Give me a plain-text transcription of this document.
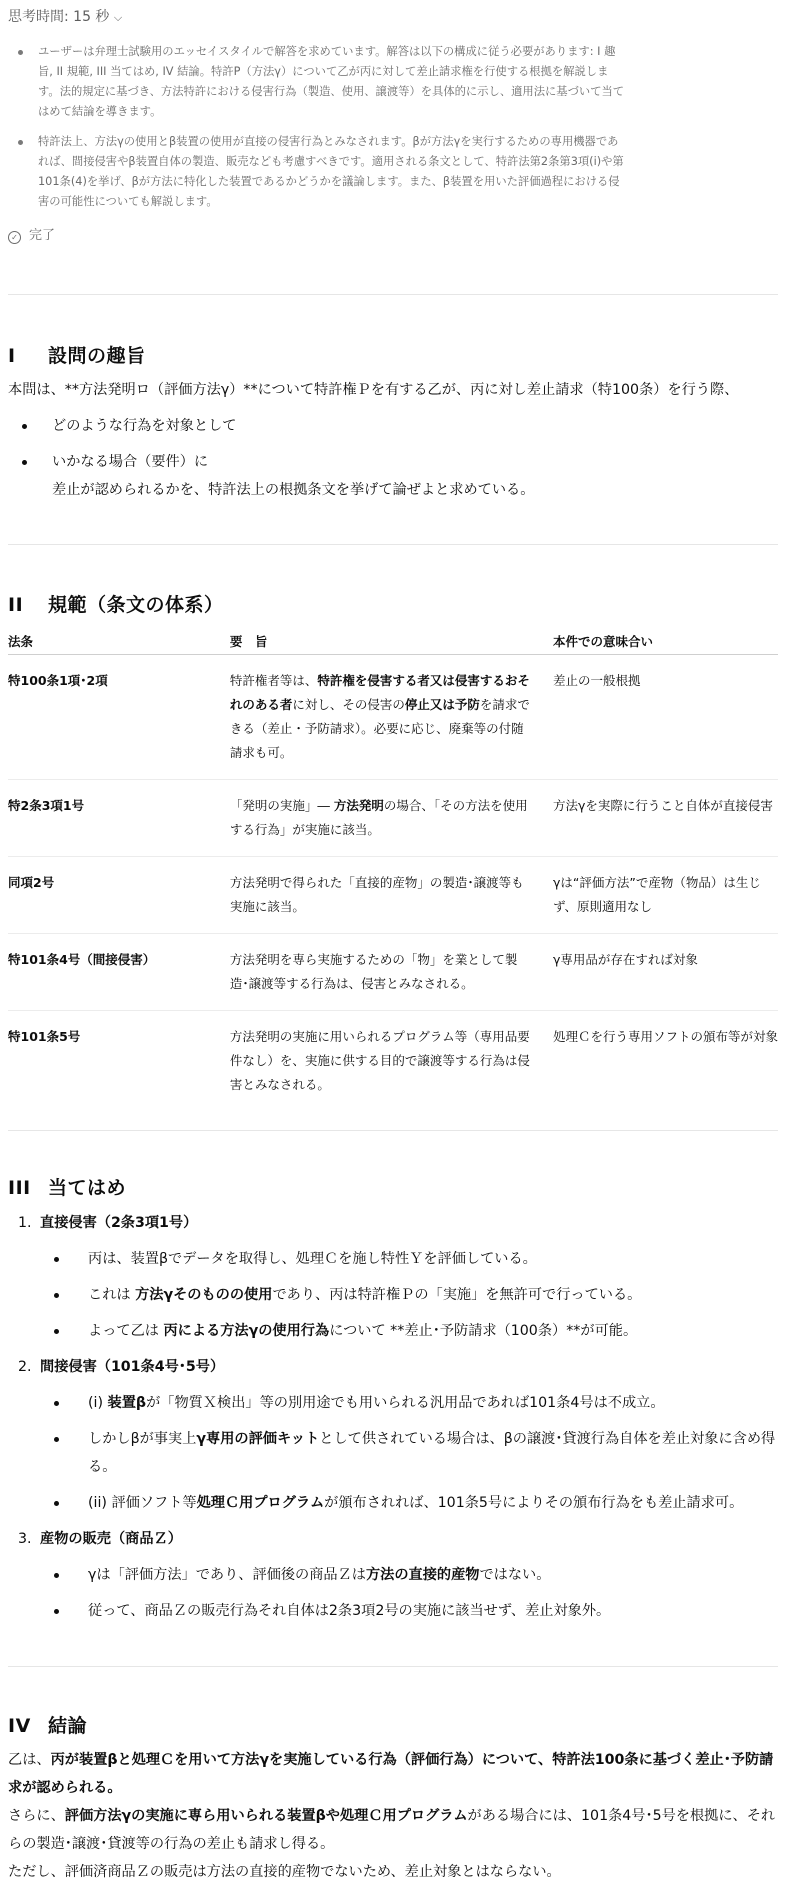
思考時間: 15 秒 ⌵
ユーザーは弁理士試験用のエッセイスタイルで解答を求めています。解答は以下の構成に従う必要があります: I 趣旨, II 規範, III 当てはめ, IV 結論。特許P（方法γ）について乙が丙に対して差止請求権を行使する根拠を解説します。法的規定に基づき、方法特許における侵害行為（製造、使用、譲渡等）を具体的に示し、適用法に基づいて当てはめて結論を導きます。
特許法上、方法γの使用とβ装置の使用が直接の侵害行為とみなされます。βが方法γを実行するための専用機器であれば、間接侵害やβ装置自体の製造、販売なども考慮すべきです。適用される条文として、特許法第2条第3項(i)や第101条(4)を挙げ、βが方法に特化した装置であるかどうかを議論します。また、β装置を用いた評価過程における侵害の可能性についても解説します。
✓ 完了
I 設問の趣旨
本問は、**方法発明ロ（評価方法γ）**について特許権Ｐを有する乙が、丙に対し差止請求（特100条）を行う際、
どのような行為を対象として
いかなる場合（要件）に
差止が認められるかを、特許法上の根拠条文を挙げて論ぜよと求めている。
II 規範（条文の体系）
法条	要　旨	本件での意味合い
特100条1項･2項	特許権者等は、特許権を侵害する者又は侵害するおそれのある者に対し、その侵害の停止又は予防を請求できる（差止・予防請求）。必要に応じ、廃棄等の付随請求も可。	差止の一般根拠
特2条3項1号	「発明の実施」― 方法発明の場合、「その方法を使用する行為」が実施に該当。	方法γを実際に行うこと自体が直接侵害
同項2号	方法発明で得られた「直接的産物」の製造･譲渡等も実施に該当。	γは“評価方法”で産物（物品）は生じず、原則適用なし
特101条4号（間接侵害）	方法発明を専ら実施するための「物」を業として製造･譲渡等する行為は、侵害とみなされる。	γ専用品が存在すれば対象
特101条5号	方法発明の実施に用いられるプログラム等（専用品要件なし）を、実施に供する目的で譲渡等する行為は侵害とみなされる。	処理Ｃを行う専用ソフトの頒布等が対象
III 当てはめ
1. 直接侵害（2条3項1号）
丙は、装置βでデータを取得し、処理Ｃを施し特性Ｙを評価している。
これは 方法γそのものの使用であり、丙は特許権Ｐの「実施」を無許可で行っている。
よって乙は 丙による方法γの使用行為について **差止･予防請求（100条）**が可能。
2. 間接侵害（101条4号･5号）
(i) 装置βが「物質Ｘ検出」等の別用途でも用いられる汎用品であれば101条4号は不成立。
しかしβが事実上γ専用の評価キットとして供されている場合は、βの譲渡･貸渡行為自体を差止対象に含め得る。
(ii) 評価ソフト等処理Ｃ用プログラムが頒布されれば、101条5号によりその頒布行為をも差止請求可。
3. 産物の販売（商品Ｚ）
γは「評価方法」であり、評価後の商品Ｚは方法の直接的産物ではない。
従って、商品Ｚの販売行為それ自体は2条3項2号の実施に該当せず、差止対象外。
IV 結論
乙は、丙が装置βと処理Ｃを用いて方法γを実施している行為（評価行為）について、特許法100条に基づく差止･予防請求が認められる。
さらに、評価方法γの実施に専ら用いられる装置βや処理Ｃ用プログラムがある場合には、101条4号･5号を根拠に、それらの製造･譲渡･貸渡等の行為の差止も請求し得る。
ただし、評価済商品Ｚの販売は方法の直接的産物でないため、差止対象とはならない。
